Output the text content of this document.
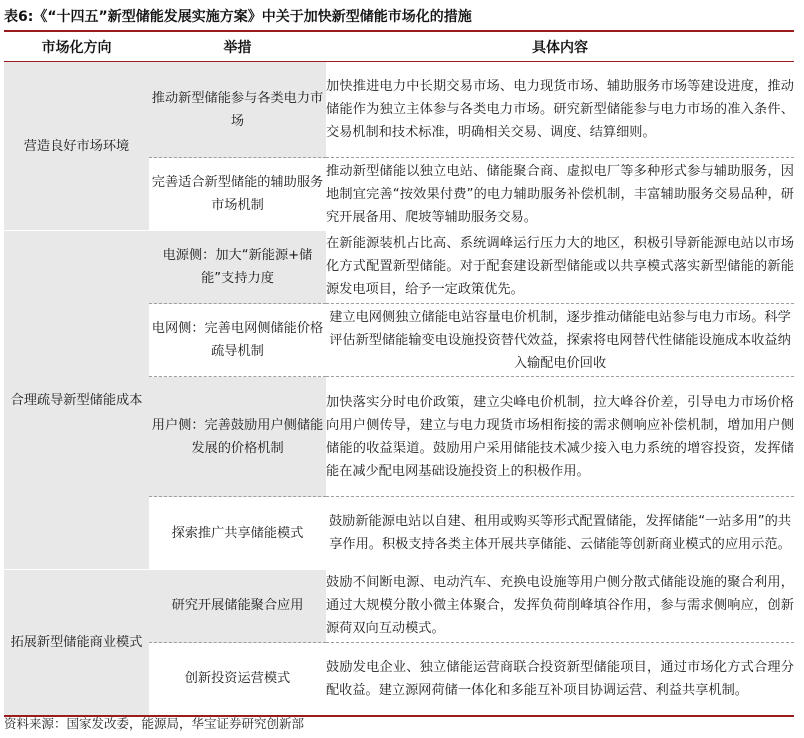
表6:《“十四五”新型储能发展实施方案》中关于加快新型储能市场化的措施
市场化方向	举措	具体内容
营造良好市场环境	推动新型储能参与各类电力市场	加快推进电力中长期交易市场、电力现货市场、辅助服务市场等建设进度，推动储能作为独立主体参与各类电力市场。研究新型储能参与电力市场的准入条件、交易机制和技术标准，明确相关交易、调度、结算细则。
	完善适合新型储能的辅助服务市场机制	推动新型储能以独立电站、储能聚合商、虚拟电厂等多种形式参与辅助服务，因地制宜完善“按效果付费”的电力辅助服务补偿机制，丰富辅助服务交易品种，研究开展备用、爬坡等辅助服务交易。
合理疏导新型储能成本	电源侧：加大“新能源+储能”支持力度	在新能源装机占比高、系统调峰运行压力大的地区，积极引导新能源电站以市场化方式配置新型储能。对于配套建设新型储能或以共享模式落实新型储能的新能源发电项目，给予一定政策优先。
	电网侧：完善电网侧储能价格疏导机制	建立电网侧独立储能电站容量电价机制，逐步推动储能电站参与电力市场。科学评估新型储能输变电设施投资替代效益，探索将电网替代性储能设施成本收益纳入输配电价回收
	用户侧：完善鼓励用户侧储能发展的价格机制	加快落实分时电价政策，建立尖峰电价机制，拉大峰谷价差，引导电力市场价格向用户侧传导，建立与电力现货市场相衔接的需求侧响应补偿机制，增加用户侧储能的收益渠道。鼓励用户采用储能技术减少接入电力系统的增容投资，发挥储能在减少配电网基础设施投资上的积极作用。
	探索推广共享储能模式	鼓励新能源电站以自建、租用或购买等形式配置储能，发挥储能“一站多用”的共享作用。积极支持各类主体开展共享储能、云储能等创新商业模式的应用示范。
拓展新型储能商业模式	研究开展储能聚合应用	鼓励不间断电源、电动汽车、充换电设施等用户侧分散式储能设施的聚合利用，通过大规模分散小微主体聚合，发挥负荷削峰填谷作用，参与需求侧响应，创新源荷双向互动模式。
	创新投资运营模式	鼓励发电企业、独立储能运营商联合投资新型储能项目，通过市场化方式合理分配收益。建立源网荷储一体化和多能互补项目协调运营、利益共享机制。
资料来源：国家发改委，能源局，华宝证券研究创新部
